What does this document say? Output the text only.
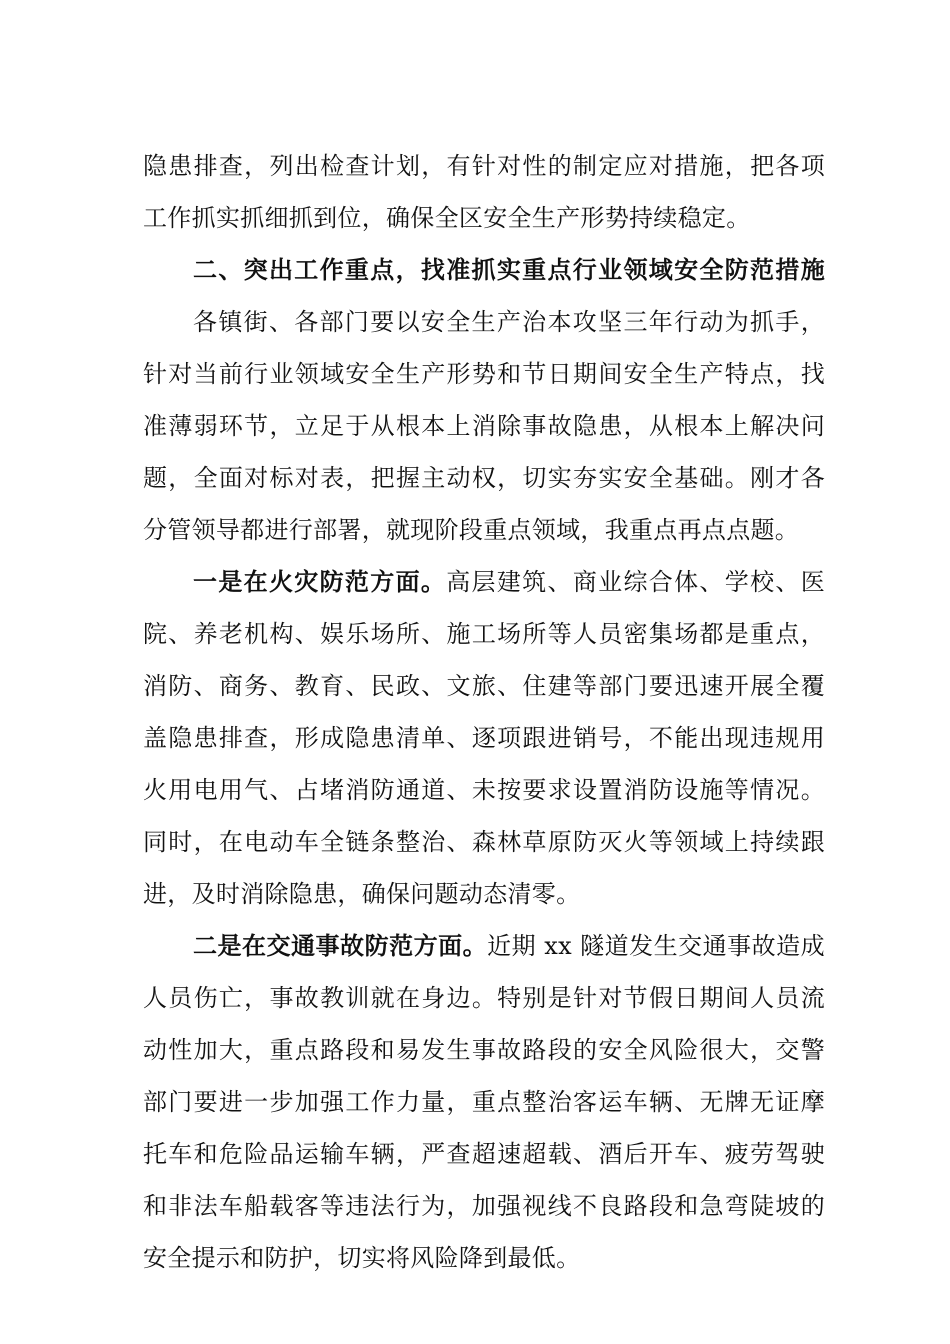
隐患排查，列出检查计划，有针对性的制定应对措施，把各项
工作抓实抓细抓到位，确保全区安全生产形势持续稳定。

二、突出工作重点，找准抓实重点行业领域安全防范措施

各镇街、各部门要以安全生产治本攻坚三年行动为抓手，
针对当前行业领域安全生产形势和节日期间安全生产特点，找
准薄弱环节，立足于从根本上消除事故隐患，从根本上解决问
题，全面对标对表，把握主动权，切实夯实安全基础。刚才各
分管领导都进行部署，就现阶段重点领域，我重点再点点题。

一是在火灾防范方面。高层建筑、商业综合体、学校、医
院、养老机构、娱乐场所、施工场所等人员密集场都是重点，
消防、商务、教育、民政、文旅、住建等部门要迅速开展全覆
盖隐患排查，形成隐患清单、逐项跟进销号，不能出现违规用
火用电用气、占堵消防通道、未按要求设置消防设施等情况。
同时，在电动车全链条整治、森林草原防灭火等领域上持续跟
进，及时消除隐患，确保问题动态清零。

二是在交通事故防范方面。近期 xx 隧道发生交通事故造成
人员伤亡，事故教训就在身边。特别是针对节假日期间人员流
动性加大，重点路段和易发生事故路段的安全风险很大，交警
部门要进一步加强工作力量，重点整治客运车辆、无牌无证摩
托车和危险品运输车辆，严查超速超载、酒后开车、疲劳驾驶
和非法车船载客等违法行为，加强视线不良路段和急弯陡坡的
安全提示和防护，切实将风险降到最低。
